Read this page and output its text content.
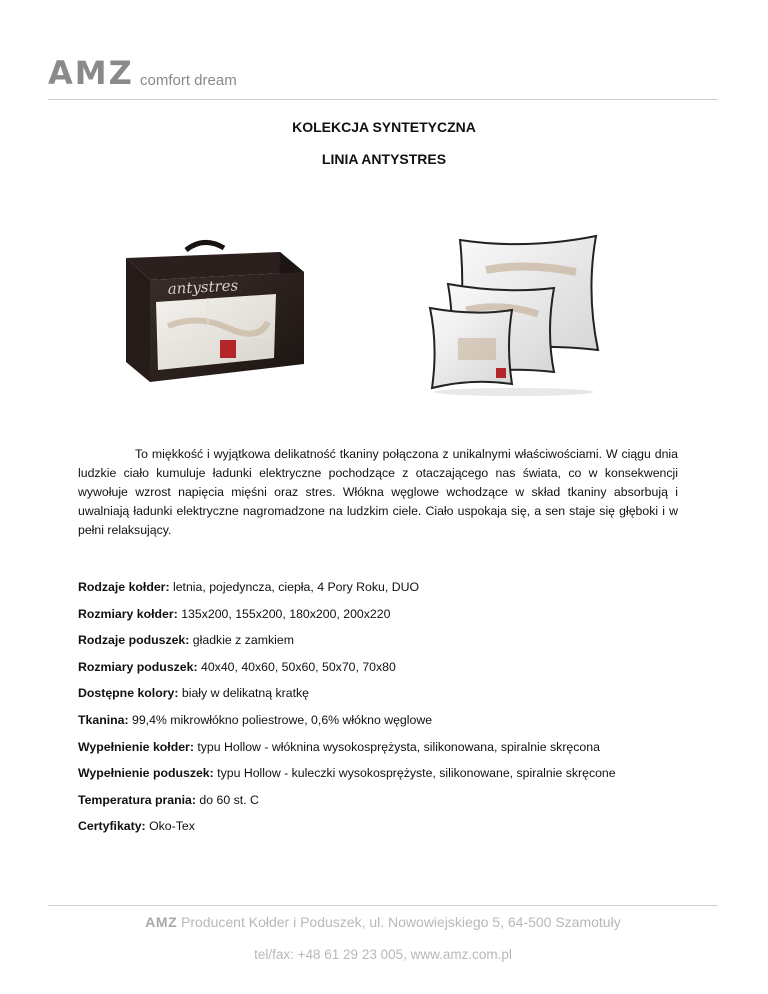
AMZ comfort dream
KOLEKCJA SYNTETYCZNA
LINIA ANTYSTRES
antystres
To miękkość i wyjątkowa delikatność tkaniny połączona z unikalnymi właściwościami. W ciągu dnia ludzkie ciało kumuluje ładunki elektryczne pochodzące z otaczającego nas świata, co w konsekwencji wywołuje wzrost napięcia mięśni oraz stres. Włókna węglowe wchodzące w skład tkaniny absorbują i uwalniają ładunki elektryczne nagromadzone na ludzkim ciele. Ciało uspokaja się, a sen staje się głęboki i w pełni relaksujący.
Rodzaje kołder: letnia, pojedyncza, ciepła, 4 Pory Roku, DUO
Rozmiary kołder: 135x200, 155x200, 180x200, 200x220
Rodzaje poduszek: gładkie z zamkiem
Rozmiary poduszek: 40x40, 40x60, 50x60, 50x70, 70x80
Dostępne kolory: biały w delikatną kratkę
Tkanina: 99,4% mikrowłókno poliestrowe, 0,6% włókno węglowe
Wypełnienie kołder: typu Hollow - włóknina wysokosprężysta, silikonowana, spiralnie skręcona
Wypełnienie poduszek: typu Hollow - kuleczki wysokosprężyste, silikonowane, spiralnie skręcone
Temperatura prania: do 60 st. C
Certyfikaty: Oko-Tex
AMZ Producent Kołder i Poduszek, ul. Nowowiejskiego 5, 64-500 Szamotuły
tel/fax: +48 61 29 23 005, www.amz.com.pl
